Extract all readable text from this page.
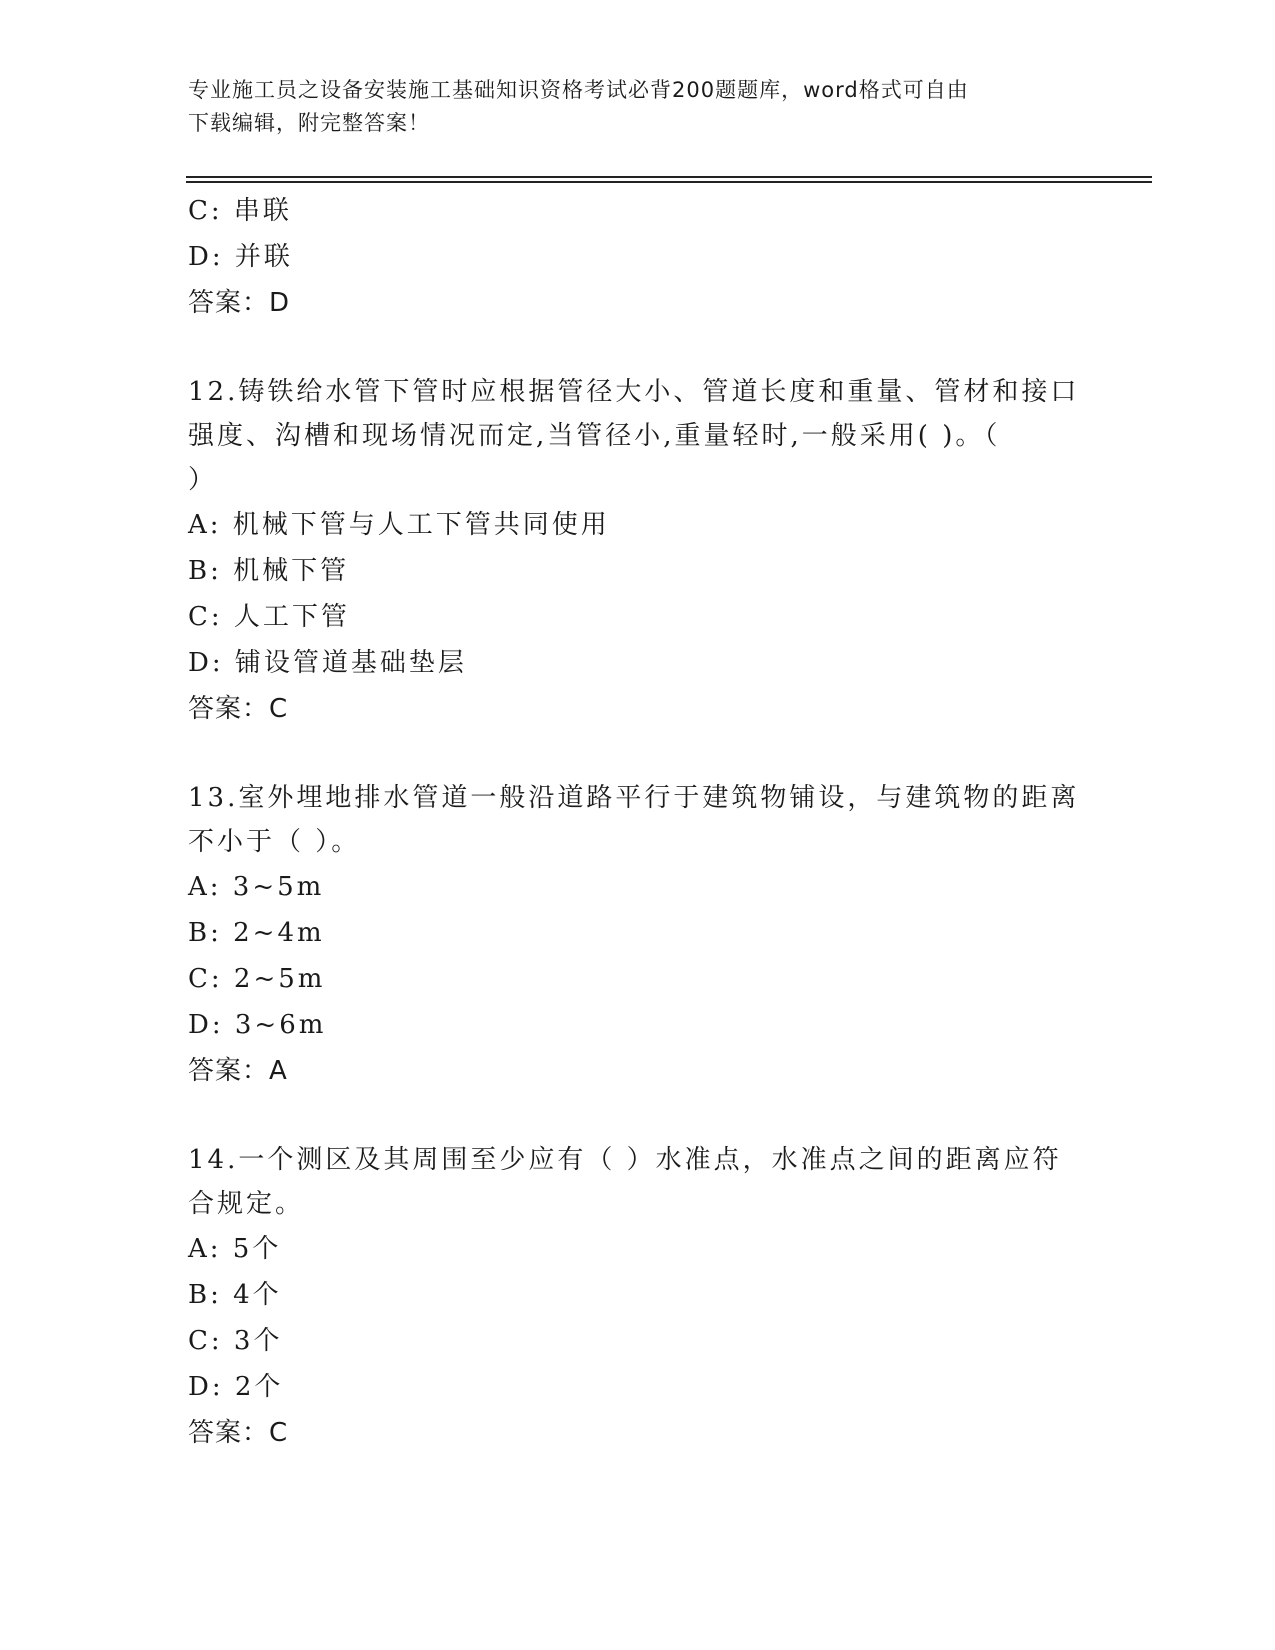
专业施工员之设备安装施工基础知识资格考试必背200题题库，word格式可自由
下载编辑，附完整答案！
C: 串联
D: 并联
答案：D
12.铸铁给水管下管时应根据管径大小、管道长度和重量、管材和接口
强度、沟槽和现场情况而定,当管径小,重量轻时,一般采用( )。（
）
A: 机械下管与人工下管共同使用
B: 机械下管
C: 人工下管
D: 铺设管道基础垫层
答案：C
13.室外埋地排水管道一般沿道路平行于建筑物铺设，与建筑物的距离
不小于（ ）。
A: 3~5m
B: 2~4m
C: 2~5m
D: 3~6m
答案：A
14.一个测区及其周围至少应有（ ）水准点，水准点之间的距离应符
合规定。
A: 5个
B: 4个
C: 3个
D: 2个
答案：C
